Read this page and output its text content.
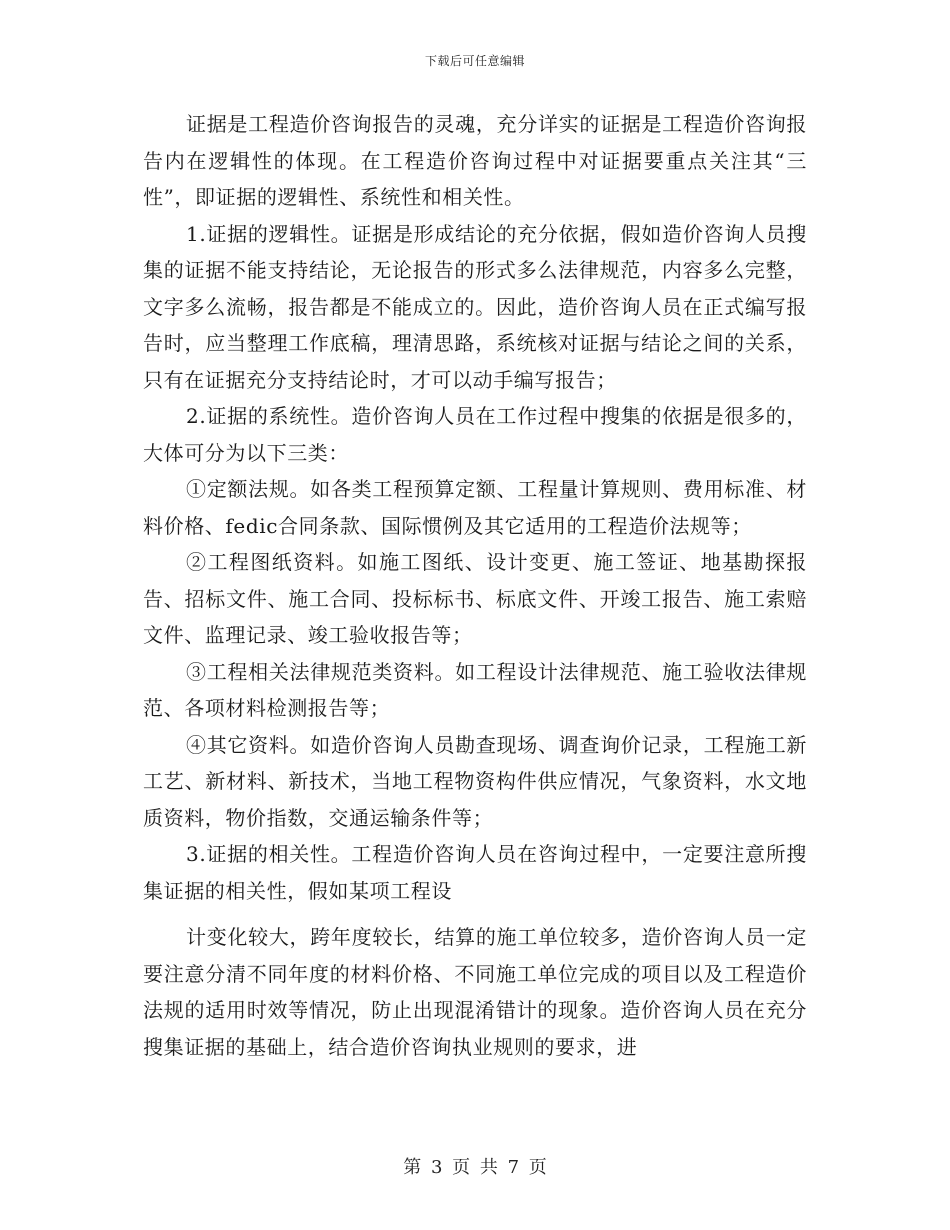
下载后可任意编辑

证据是工程造价咨询报告的灵魂，充分详实的证据是工程造价咨询报告内在逻辑性的体现。在工程造价咨询过程中对证据要重点关注其“三性”，即证据的逻辑性、系统性和相关性。

1.证据的逻辑性。证据是形成结论的充分依据，假如造价咨询人员搜集的证据不能支持结论，无论报告的形式多么法律规范，内容多么完整，文字多么流畅，报告都是不能成立的。因此，造价咨询人员在正式编写报告时，应当整理工作底稿，理清思路，系统核对证据与结论之间的关系，只有在证据充分支持结论时，才可以动手编写报告；

2.证据的系统性。造价咨询人员在工作过程中搜集的依据是很多的，大体可分为以下三类：

①定额法规。如各类工程预算定额、工程量计算规则、费用标准、材料价格、fedic合同条款、国际惯例及其它适用的工程造价法规等；

②工程图纸资料。如施工图纸、设计变更、施工签证、地基勘探报告、招标文件、施工合同、投标标书、标底文件、开竣工报告、施工索赔文件、监理记录、竣工验收报告等；

③工程相关法律规范类资料。如工程设计法律规范、施工验收法律规范、各项材料检测报告等；

④其它资料。如造价咨询人员勘查现场、调查询价记录，工程施工新工艺、新材料、新技术，当地工程物资构件供应情况，气象资料，水文地质资料，物价指数，交通运输条件等；

3.证据的相关性。工程造价咨询人员在咨询过程中，一定要注意所搜集证据的相关性，假如某项工程设

计变化较大，跨年度较长，结算的施工单位较多，造价咨询人员一定要注意分清不同年度的材料价格、不同施工单位完成的项目以及工程造价法规的适用时效等情况，防止出现混淆错计的现象。造价咨询人员在充分搜集证据的基础上，结合造价咨询执业规则的要求，进

第 3 页 共 7 页
